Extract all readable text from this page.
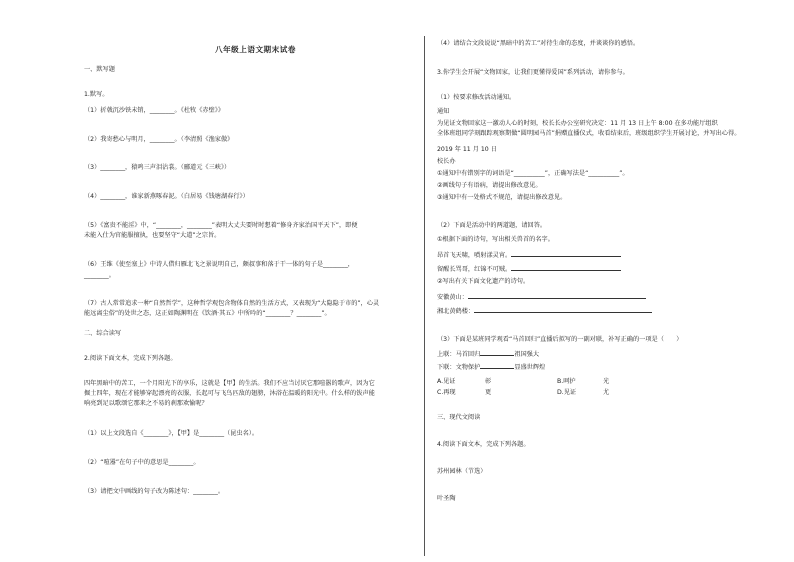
八年级上语文期末试卷
一、默写题
1.默写。
（1）折戟沉沙铁未销，________。《杜牧《赤壁》》
（2）我寄愁心与明月，________。（李清照《渔家傲》
（3）________，猿鸣三声泪沾裳。（郦道元《三峡》）
（4）________，谁家新燕啄春泥。（白居易《钱塘湖春行》）
（5）《富贵不能淫》中，“________，________”表明大丈夫要时时想着“修身齐家治国平天下”，即便
未能入仕为官能服擅执，也要坚守“大道”之宗旨。
（6）王维《使至塞上》中诗人借归雁北飞之景说明自己，颇叔事和落于干一体的句子是________，
________。
（7）古人常常追求一种“自然哲学”，这种哲学观包含物体自然的生活方式，又表现为“大隐隐于市的”，心灵
能远离尘俗”的处世之态，这正如陶渊明在《饮酒·其五》中所吟的“________？________”。
二、综合读写
2.阅读下面文本，完成下列各题。
四年黑暗中的苦工，一个月阳光下的享乐，这就是【甲】的生活。我们不应当讨厌它那喧嚣的歌声，因为它
掘土四年，现在才能够穿起漂亮的衣服，长起可与飞鸟匹敌的翅膀，沐浴在温暖的阳光中。什么样的钹声能
响亮到足以歌颂它那来之不易的刹那欢愉呢？
（1）以上文段选自《________》，【甲】是________（昆虫名）。
（2）“喧嚣”在句子中的意思是________。
（3）请把文中画线的句子改为陈述句：________。
（4）请结合文段说说“黑暗中的苦工”对待生命的态度，并谈谈你的感悟。
3.你学生会开展“文物回家，让我们更懂得爱国”系列活动，请你参与。
（1）按要求修改活动通知。
通知
为见证文物回家这一激动人心的时刻，校长长办公室研究决定：11 月 13 日上午 8:00 在多功能厅组织
全体班组同学刻跟踪观察期做“圆明园马首”捐赠直播仪式，收看结束后，班级组织学生开展讨论，并写出心得。
2019 年 11 月 10 日
校长办
①通知中有错别字的词语是“__________”，正确写法是“__________”。
②画线句子有语病，请提出修改意见。
③通知中有一处格式不规范，请提出修改意见。
（2）下面是活动中的两道题，请回答。
①根据下面的诗句，写出相关兽首的名字。
昂首飞天啸，噴射漾灵宵。
留醒长骂哥，红锦不可贼。
②写出有关下面文化遗产的诗句。
安徽黄山：
湘北黄鹤楼：
（3）下面是某班同学观看“马首回归”直播后拟写的一副对联，补写正确的一项是（　　）
上联：马首回归	祖国强大
下联：文物保护	显盛世辉煌
A.见证	彰	B.呵护	光
C.再现	更	D.见证	尤
三、现代文阅读
4.阅读下面文本，完成下列各题。
苏州园林（节选）
叶圣陶
